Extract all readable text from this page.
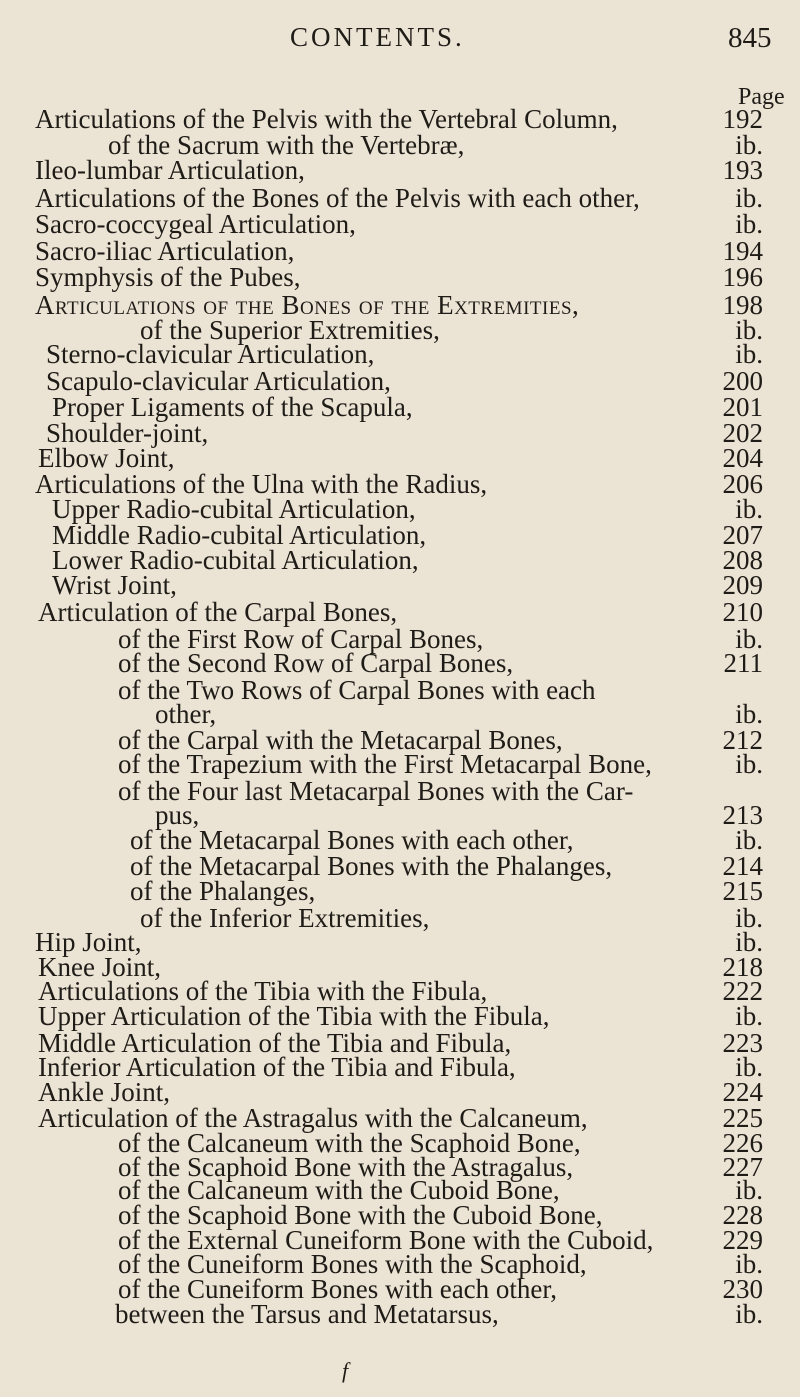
CONTENTS.	845
Page
Articulations of the Pelvis with the Vertebral Column,	192
of the Sacrum with the Vertebræ,	ib.
Ileo-lumbar Articulation,	193
Articulations of the Bones of the Pelvis with each other,	ib.
Sacro-coccygeal Articulation,	ib.
Sacro-iliac Articulation,	194
Symphysis of the Pubes,	196
Articulations of the Bones of the Extremities,	198
of the Superior Extremities,	ib.
Sterno-clavicular Articulation,	ib.
Scapulo-clavicular Articulation,	200
Proper Ligaments of the Scapula,	201
Shoulder-joint,	202
Elbow Joint,	204
Articulations of the Ulna with the Radius,	206
Upper Radio-cubital Articulation,	ib.
Middle Radio-cubital Articulation,	207
Lower Radio-cubital Articulation,	208
Wrist Joint,	209
Articulation of the Carpal Bones,	210
of the First Row of Carpal Bones,	ib.
of the Second Row of Carpal Bones,	211
of the Two Rows of Carpal Bones with each
other,	ib.
of the Carpal with the Metacarpal Bones,	212
of the Trapezium with the First Metacarpal Bone,	ib.
of the Four last Metacarpal Bones with the Car-
pus,	213
of the Metacarpal Bones with each other,	ib.
of the Metacarpal Bones with the Phalanges,	214
of the Phalanges,	215
of the Inferior Extremities,	ib.
Hip Joint,	ib.
Knee Joint,	218
Articulations of the Tibia with the Fibula,	222
Upper Articulation of the Tibia with the Fibula,	ib.
Middle Articulation of the Tibia and Fibula,	223
Inferior Articulation of the Tibia and Fibula,	ib.
Ankle Joint,	224
Articulation of the Astragalus with the Calcaneum,	225
of the Calcaneum with the Scaphoid Bone,	226
of the Scaphoid Bone with the Astragalus,	227
of the Calcaneum with the Cuboid Bone,	ib.
of the Scaphoid Bone with the Cuboid Bone,	228
of the External Cuneiform Bone with the Cuboid,	229
of the Cuneiform Bones with the Scaphoid,	ib.
of the Cuneiform Bones with each other,	230
between the Tarsus and Metatarsus,	ib.
f
